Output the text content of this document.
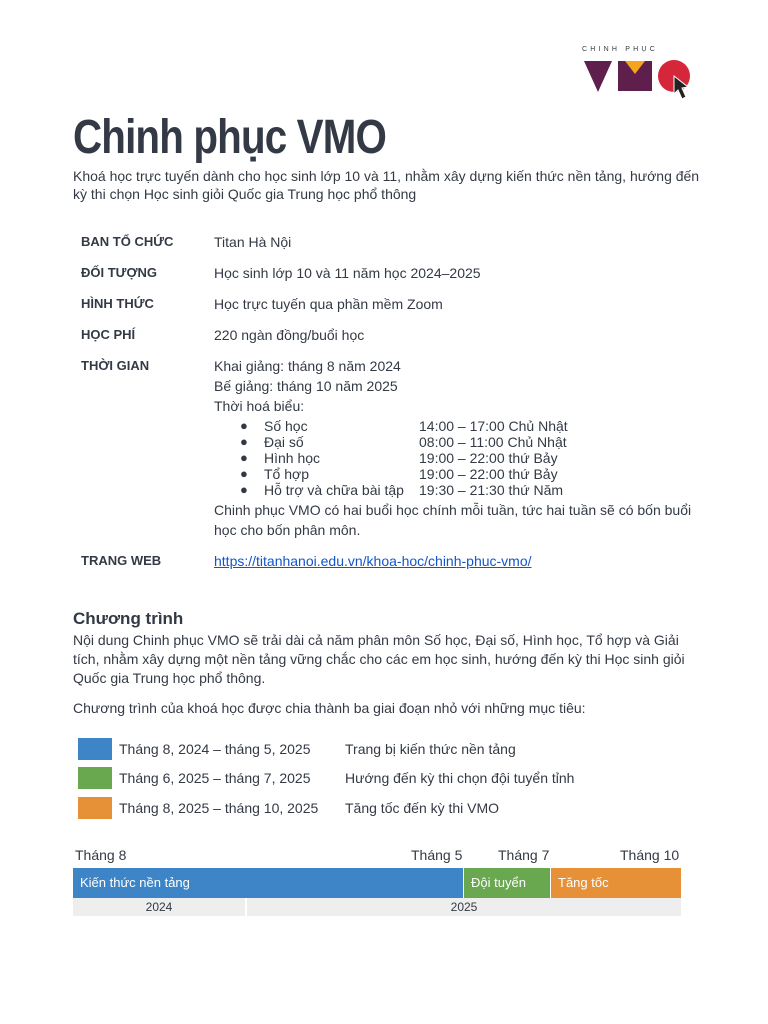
CHINH PHỤC
Chinh phục VMO

Khoá học trực tuyến dành cho học sinh lớp 10 và 11, nhằm xây dựng kiến thức nền tảng, hướng đến kỳ thi chọn Học sinh giỏi Quốc gia Trung học phổ thông

BAN TỔ CHỨC	Titan Hà Nội
ĐỐI TƯỢNG	Học sinh lớp 10 và 11 năm học 2024–2025
HÌNH THỨC	Học trực tuyến qua phần mềm Zoom
HỌC PHÍ	220 ngàn đồng/buổi học
THỜI GIAN	Khai giảng: tháng 8 năm 2024

Bế giảng: tháng 10 năm 2025

Thời hoá biểu:

●	Số học	14:00 – 17:00 Chủ Nhật
●	Đại số	08:00 – 11:00 Chủ Nhật
●	Hình học	19:00 – 22:00 thứ Bảy
●	Tổ hợp	19:00 – 22:00 thứ Bảy
●	Hỗ trợ và chữa bài tập	19:30 – 21:30 thứ Năm

Chinh phục VMO có hai buổi học chính mỗi tuần, tức hai tuần sẽ có bốn buổi học cho bốn phân môn.

TRANG WEB	https://titanhanoi.edu.vn/khoa-hoc/chinh-phuc-vmo/
Chương trình

Nội dung Chinh phục VMO sẽ trải dài cả năm phân môn Số học, Đại số, Hình học, Tổ hợp và Giải tích, nhằm xây dựng một nền tảng vững chắc cho các em học sinh, hướng đến kỳ thi Học sinh giỏi Quốc gia Trung học phổ thông.

Chương trình của khoá học được chia thành ba giai đoạn nhỏ với những mục tiêu:

Tháng 8, 2024 – tháng 5, 2025	Trang bị kiến thức nền tảng
Tháng 6, 2025 – tháng 7, 2025	Hướng đến kỳ thi chọn đội tuyển tỉnh
Tháng 8, 2025 – tháng 10, 2025	Tăng tốc đến kỳ thi VMO
Tháng 8	Tháng 5	Tháng 7	Tháng 10
Kiến thức nền tảng	Đội tuyển	Tăng tốc
2024	2025
